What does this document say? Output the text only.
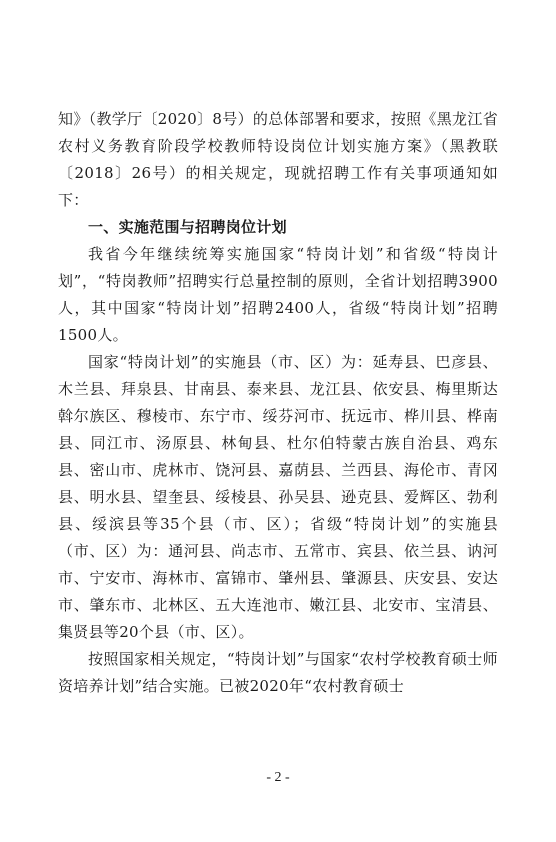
知》（教学厅〔2020〕8号）的总体部署和要求，按照《黑龙江省农村义务教育阶段学校教师特设岗位计划实施方案》（黑教联〔2018〕26号）的相关规定，现就招聘工作有关事项通知如下：

一、实施范围与招聘岗位计划

我省今年继续统筹实施国家“特岗计划”和省级“特岗计划”，“特岗教师”招聘实行总量控制的原则，全省计划招聘3900人，其中国家“特岗计划”招聘2400人，省级“特岗计划”招聘1500人。

国家“特岗计划”的实施县（市、区）为：延寿县、巴彦县、木兰县、拜泉县、甘南县、泰来县、龙江县、依安县、梅里斯达斡尔族区、穆棱市、东宁市、绥芬河市、抚远市、桦川县、桦南县、同江市、汤原县、林甸县、杜尔伯特蒙古族自治县、鸡东县、密山市、虎林市、饶河县、嘉荫县、兰西县、海伦市、青冈县、明水县、望奎县、绥棱县、孙吴县、逊克县、爱辉区、勃利县、绥滨县等35个县（市、区）；省级“特岗计划”的实施县（市、区）为：通河县、尚志市、五常市、宾县、依兰县、讷河市、宁安市、海林市、富锦市、肇州县、肇源县、庆安县、安达市、肇东市、北林区、五大连池市、嫩江县、北安市、宝清县、集贤县等20个县（市、区）。

按照国家相关规定，“特岗计划”与国家“农村学校教育硕士师资培养计划”结合实施。已被2020年“农村教育硕士

- 2 -
